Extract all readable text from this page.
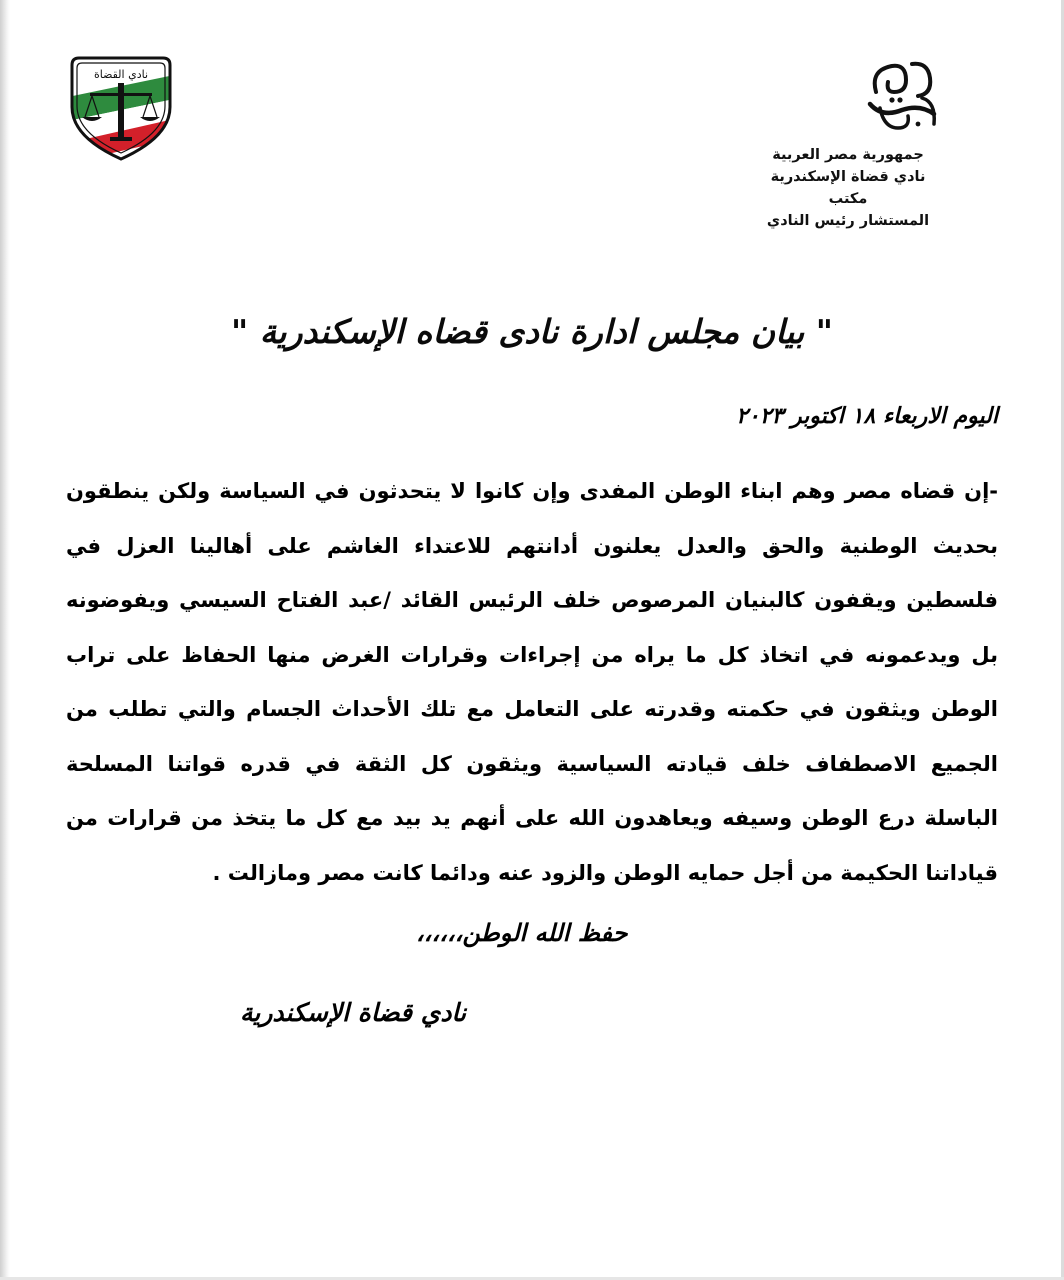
نادي القضاة
جمهورية مصر العربية
نادي قضاة الإسكندرية
مكتب
المستشار رئيس النادي
" بيان مجلس ادارة نادى قضاه الإسكندرية "
اليوم الاربعاء ١٨ اكتوبر ٢٠٢٣

-إن قضاه مصر وهم ابناء الوطن المفدى وإن كانوا لا يتحدثون في السياسة ولكن ينطقون بحديث الوطنية والحق والعدل يعلنون أدانتهم للاعتداء الغاشم على أهالينا العزل في فلسطين ويقفون كالبنيان المرصوص خلف الرئيس القائد /عبد الفتاح السيسي ويفوضونه بل ويدعمونه في اتخاذ كل ما يراه من إجراءات وقرارات الغرض منها الحفاظ على تراب الوطن ويثقون في حكمته وقدرته على التعامل مع تلك الأحداث الجسام والتي تطلب من الجميع الاصطفاف خلف قيادته السياسية ويثقون كل الثقة في قدره قواتنا المسلحة الباسلة درع الوطن وسيفه ويعاهدون الله على أنهم يد بيد مع كل ما يتخذ من قرارات من قياداتنا الحكيمة من أجل حمايه الوطن والزود عنه ودائما كانت مصر ومازالت .

حفظ الله الوطن،،،،،،
نادي قضاة الإسكندرية
